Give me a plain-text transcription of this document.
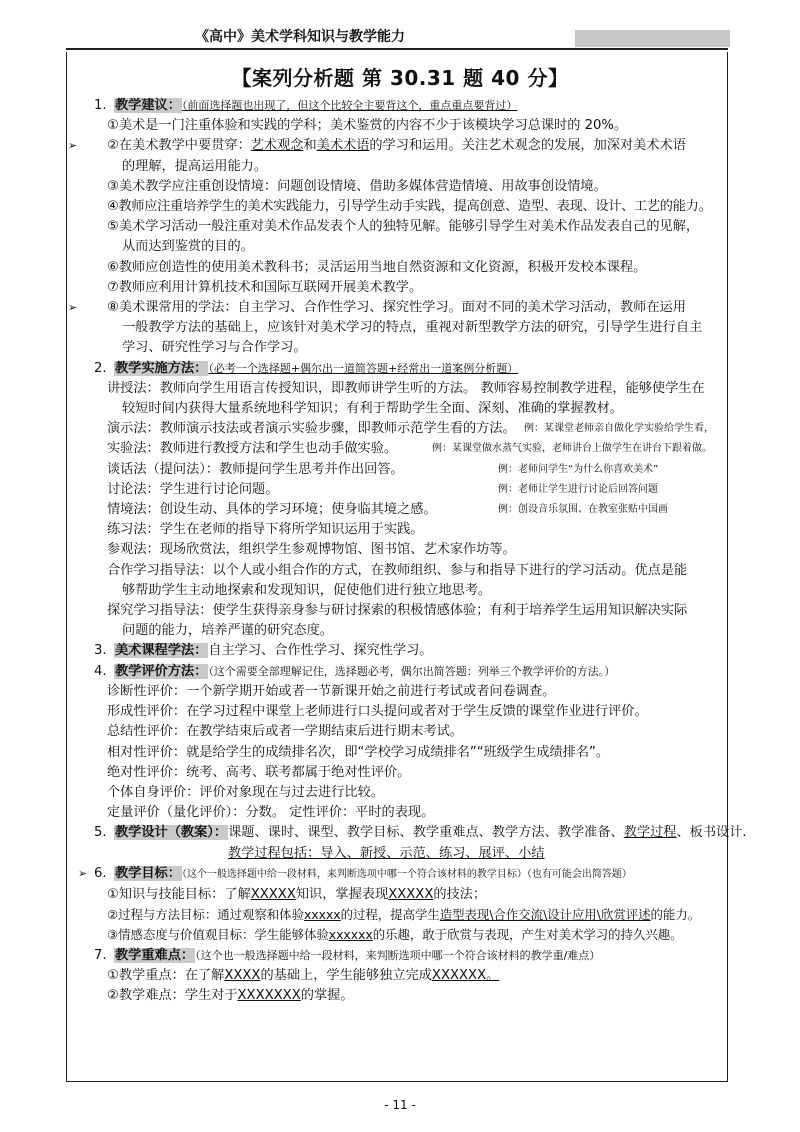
《高中》美术学科知识与教学能力
【案列分析题 第 30.31 题 40 分】
1. 教学建议：（前面选择题也出现了，但这个比较全主要背这个，重点重点要背过）
①美术是一门注重体验和实践的学科；美术鉴赏的内容不少于该模块学习总课时的 20%。
➢ ②在美术教学中要贯穿：艺术观念和美术术语的学习和运用。关注艺术观念的发展，加深对美术术语
的理解，提高运用能力。
③美术教学应注重创设情境：问题创设情境、借助多媒体营造情境、用故事创设情境。
④教师应注重培养学生的美术实践能力，引导学生动手实践，提高创意、造型、表现、设计、工艺的能力。
⑤美术学习活动一般注重对美术作品发表个人的独特见解。能够引导学生对美术作品发表自己的见解，
从而达到鉴赏的目的。
⑥教师应创造性的使用美术教科书；灵活运用当地自然资源和文化资源，积极开发校本课程。
⑦教师应利用计算机技术和国际互联网开展美术教学。
➢ ⑧美术课常用的学法：自主学习、合作性学习、探究性学习。面对不同的美术学习活动，教师在运用
一般教学方法的基础上，应该针对美术学习的特点，重视对新型教学方法的研究，引导学生进行自主
学习、研究性学习与合作学习。
2. 教学实施方法：（必考一个选择题+偶尔出一道简答题+经常出一道案例分析题）
讲授法：教师向学生用语言传授知识，即教师讲学生听的方法。 教师容易控制教学进程，能够使学生在
较短时间内获得大量系统地科学知识；有利于帮助学生全面、深刻、准确的掌握教材。
演示法：教师演示技法或者演示实验步骤，即教师示范学生看的方法。 例：某课堂老师亲自做化学实验给学生看，
实验法：教师进行教授方法和学生也动手做实验。	例：某课堂做水蒸气实验，老师讲台上做学生在讲台下跟着做。
谈话法（提问法）：教师提问学生思考并作出回答。	例：老师问学生“为什么你喜欢美术”
讨论法：学生进行讨论问题。	例：老师让学生进行讨论后回答问题
情境法：创设生动、具体的学习环境；使身临其境之感。	例：创设音乐氛围、在教室张贴中国画
练习法：学生在老师的指导下将所学知识运用于实践。
参观法：现场欣赏法，组织学生参观博物馆、图书馆、艺术家作坊等。
合作学习指导法：以个人或小组合作的方式，在教师组织、参与和指导下进行的学习活动。优点是能
够帮助学生主动地探索和发现知识，促使他们进行独立地思考。
探究学习指导法：使学生获得亲身参与研讨探索的积极情感体验；有利于培养学生运用知识解决实际
问题的能力，培养严谨的研究态度。
3. 美术课程学法：自主学习、合作性学习、探究性学习。
4. 教学评价方法：（这个需要全部理解记住，选择题必考，偶尔出简答题：列举三个教学评价的方法。）
诊断性评价：一个新学期开始或者一节新课开始之前进行考试或者问卷调查。
形成性评价：在学习过程中课堂上老师进行口头提问或者对于学生反馈的课堂作业进行评价。
总结性评价：在教学结束后或者一学期结束后进行期末考试。
相对性评价：就是给学生的成绩排名次，即“学校学习成绩排名”“班级学生成绩排名”。
绝对性评价：统考、高考、联考都属于绝对性评价。
个体自身评价：评价对象现在与过去进行比较。
定量评价（量化评价）：分数。 定性评价：平时的表现。
5. 教学设计（教案）：课题、课时、课型、教学目标、教学重难点、教学方法、教学准备、教学过程、板书设计.
教学过程包括：导入、新授、示范、练习、展评、小结
➢ 6. 教学目标：（这个一般选择题中给一段材料，来判断选项中哪一个符合该材料的教学目标）（也有可能会出简答题）
①知识与技能目标：了解XXXXX知识，掌握表现XXXXX的技法；
②过程与方法目标：通过观察和体验xxxxx的过程，提高学生造型表现\合作交流\设计应用\欣赏评述的能力。
③情感态度与价值观目标：学生能够体验xxxxxx的乐趣，敢于欣赏与表现，产生对美术学习的持久兴趣。
7. 教学重难点：（这个也一般选择题中给一段材料，来判断选项中哪一个符合该材料的教学重/难点）
①教学重点：在了解XXXX的基础上，学生能够独立完成XXXXXX。
②教学难点：学生对于XXXXXXX的掌握。
- 11 -
